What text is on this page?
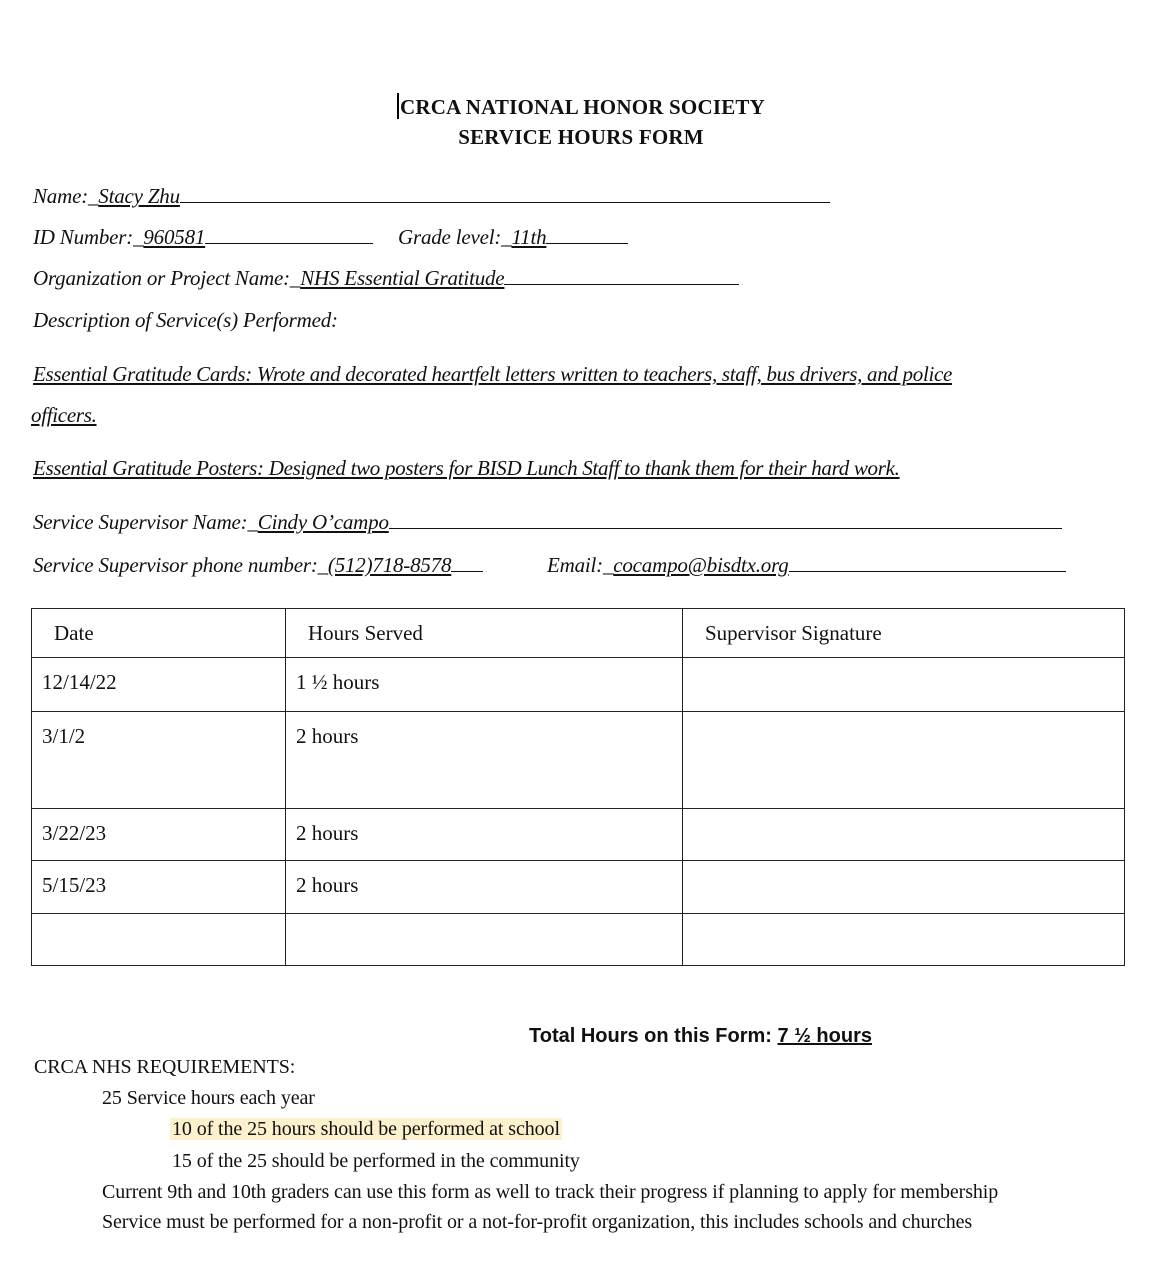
CRCA NATIONAL HONOR SOCIETY
SERVICE HOURS FORM
Name:_Stacy Zhu
ID Number:_960581	Grade level:_11th
Organization or Project Name:_NHS Essential Gratitude
Description of Service(s) Performed:
Essential Gratitude Cards: Wrote and decorated heartfelt letters written to teachers, staff, bus drivers, and police
officers.
Essential Gratitude Posters: Designed two posters for BISD Lunch Staff to thank them for their hard work.
Service Supervisor Name:_Cindy O’campo
Service Supervisor phone number:_(512)718-8578	Email:_cocampo@bisdtx.org
Date	Hours Served	Supervisor Signature
12/14/22	1 ½ hours	
3/1/2	2 hours	
3/22/23	2 hours	
5/15/23	2 hours	

Total Hours on this Form: 7 ½ hours
CRCA NHS REQUIREMENTS:
25 Service hours each year
10 of the 25 hours should be performed at school
15 of the 25 should be performed in the community
Current 9th and 10th graders can use this form as well to track their progress if planning to apply for membership
Service must be performed for a non-profit or a not-for-profit organization, this includes schools and churches
